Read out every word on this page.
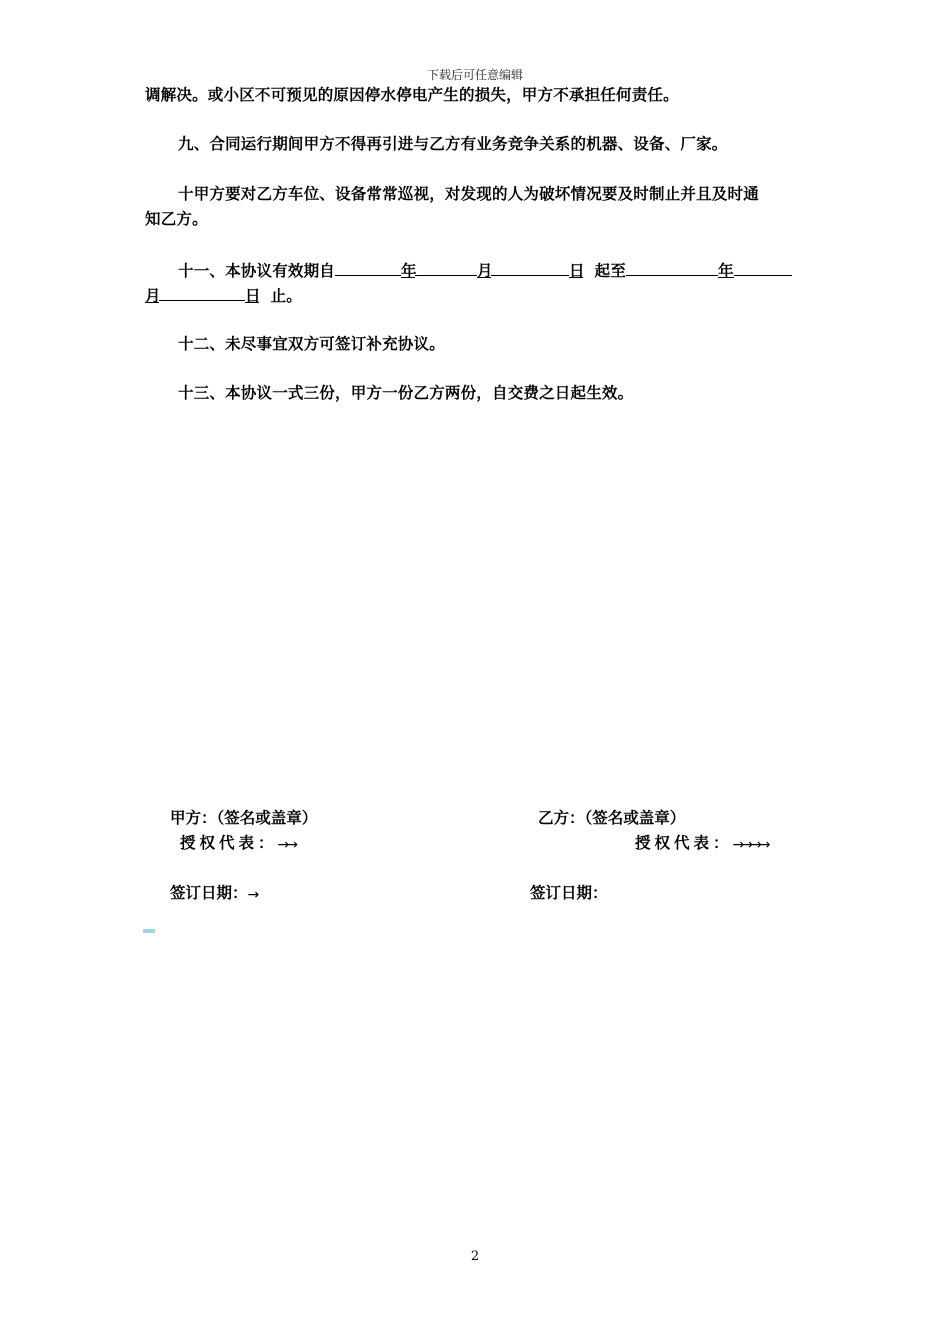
下载后可任意编辑
调解决。或小区不可预见的原因停水停电产生的损失，甲方不承担任何责任。
九、合同运行期间甲方不得再引进与乙方有业务竞争关系的机器、设备、厂家。
十甲方要对乙方车位、设备常常巡视，对发现的人为破坏情况要及时制止并且及时通
知乙方。
十一、本协议有效期自	年	月	日 起至	年
月	日 止。
十二、未尽事宜双方可签订补充协议。
十三、本协议一式三份，甲方一份乙方两份，自交费之日起生效。
甲方：（签名或盖章）	乙方：（签名或盖章）
授权代表：→→	授权代表：→→→→
签订日期：→	签订日期：
2
